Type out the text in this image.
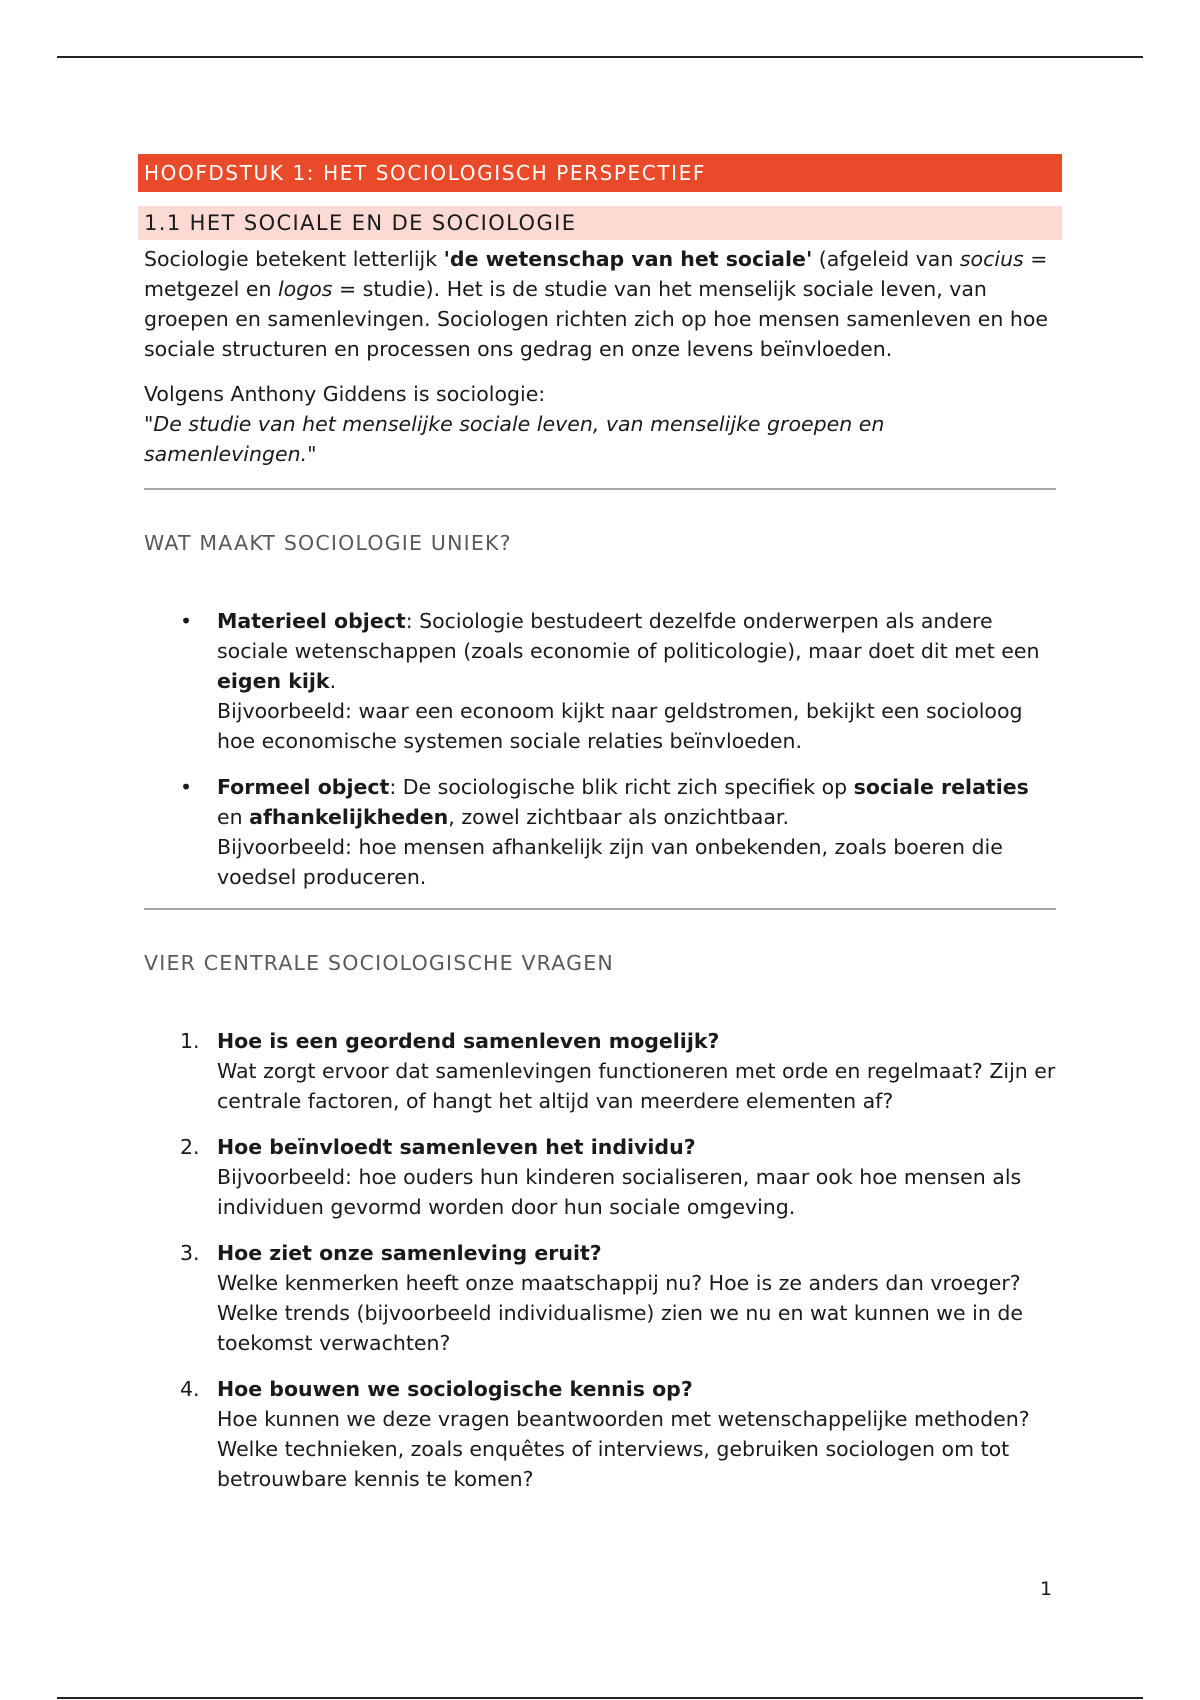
HOOFDSTUK 1: HET SOCIOLOGISCH PERSPECTIEF
1.1 HET SOCIALE EN DE SOCIOLOGIE

Sociologie betekent letterlijk 'de wetenschap van het sociale' (afgeleid van socius = metgezel en logos = studie). Het is de studie van het menselijk sociale leven, van groepen en samenlevingen. Sociologen richten zich op hoe mensen samenleven en hoe sociale structuren en processen ons gedrag en onze levens beïnvloeden.

Volgens Anthony Giddens is sociologie:
"De studie van het menselijke sociale leven, van menselijke groepen en samenlevingen."

WAT MAAKT SOCIOLOGIE UNIEK?
• Materieel object: Sociologie bestudeert dezelfde onderwerpen als andere sociale wetenschappen (zoals economie of politicologie), maar doet dit met een eigen kijk.
Bijvoorbeeld: waar een econoom kijkt naar geldstromen, bekijkt een socioloog hoe economische systemen sociale relaties beïnvloeden.
• Formeel object: De sociologische blik richt zich specifiek op sociale relaties en afhankelijkheden, zowel zichtbaar als onzichtbaar.
Bijvoorbeeld: hoe mensen afhankelijk zijn van onbekenden, zoals boeren die voedsel produceren.
VIER CENTRALE SOCIOLOGISCHE VRAGEN
1. Hoe is een geordend samenleven mogelijk?
Wat zorgt ervoor dat samenlevingen functioneren met orde en regelmaat? Zijn er centrale factoren, of hangt het altijd van meerdere elementen af?
2. Hoe beïnvloedt samenleven het individu?
Bijvoorbeeld: hoe ouders hun kinderen socialiseren, maar ook hoe mensen als individuen gevormd worden door hun sociale omgeving.
3. Hoe ziet onze samenleving eruit?
Welke kenmerken heeft onze maatschappij nu? Hoe is ze anders dan vroeger? Welke trends (bijvoorbeeld individualisme) zien we nu en wat kunnen we in de toekomst verwachten?
4. Hoe bouwen we sociologische kennis op?
Hoe kunnen we deze vragen beantwoorden met wetenschappelijke methoden? Welke technieken, zoals enquêtes of interviews, gebruiken sociologen om tot betrouwbare kennis te komen?
1
